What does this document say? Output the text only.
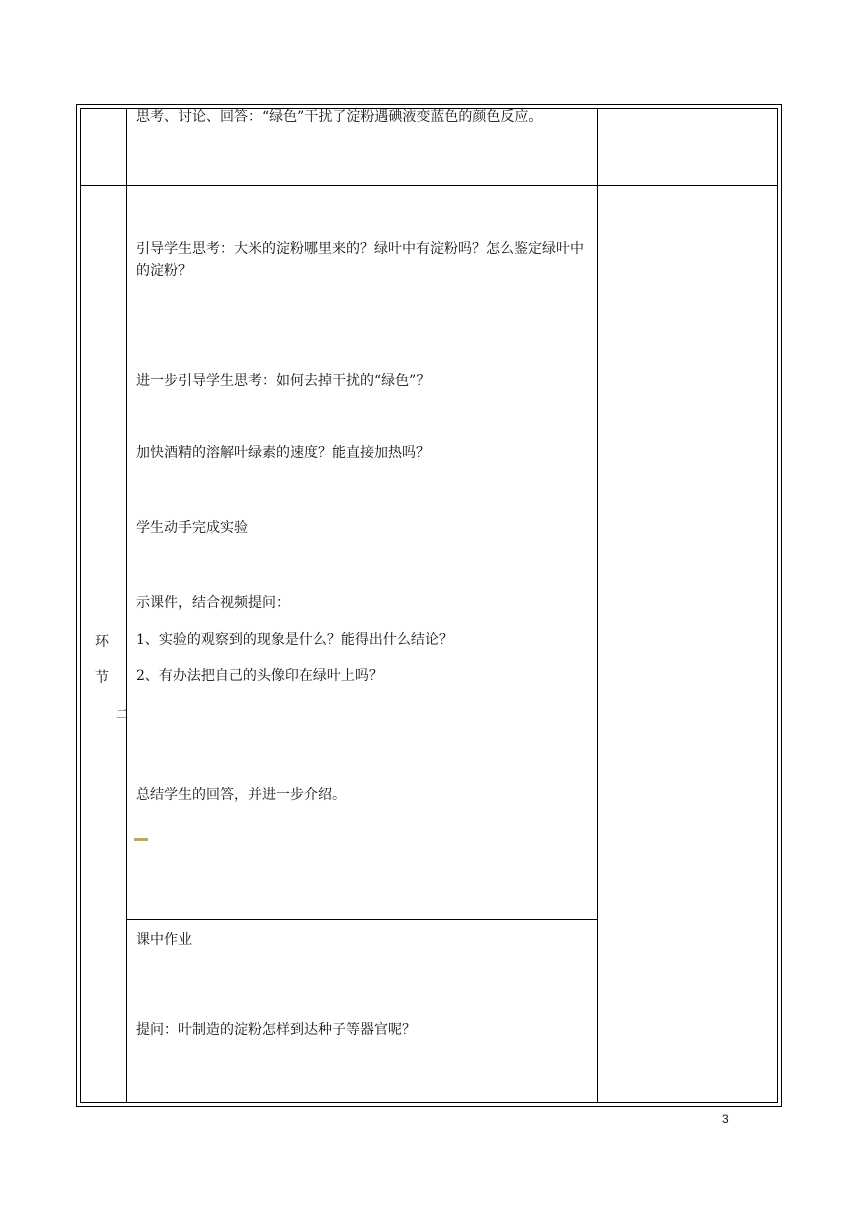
思考、讨论、回答：“绿色”干扰了淀粉遇碘液变蓝色的颜色反应。
环
节
二
引导学生思考：大米的淀粉哪里来的？绿叶中有淀粉吗？怎么鉴定绿叶中的淀粉？
进一步引导学生思考：如何去掉干扰的“绿色”？
加快酒精的溶解叶绿素的速度？能直接加热吗？
学生动手完成实验
示课件，结合视频提问：
1、实验的观察到的现象是什么？能得出什么结论？
2、有办法把自己的头像印在绿叶上吗？
总结学生的回答，并进一步介绍。
课中作业
提问：叶制造的淀粉怎样到达种子等器官呢？
3
